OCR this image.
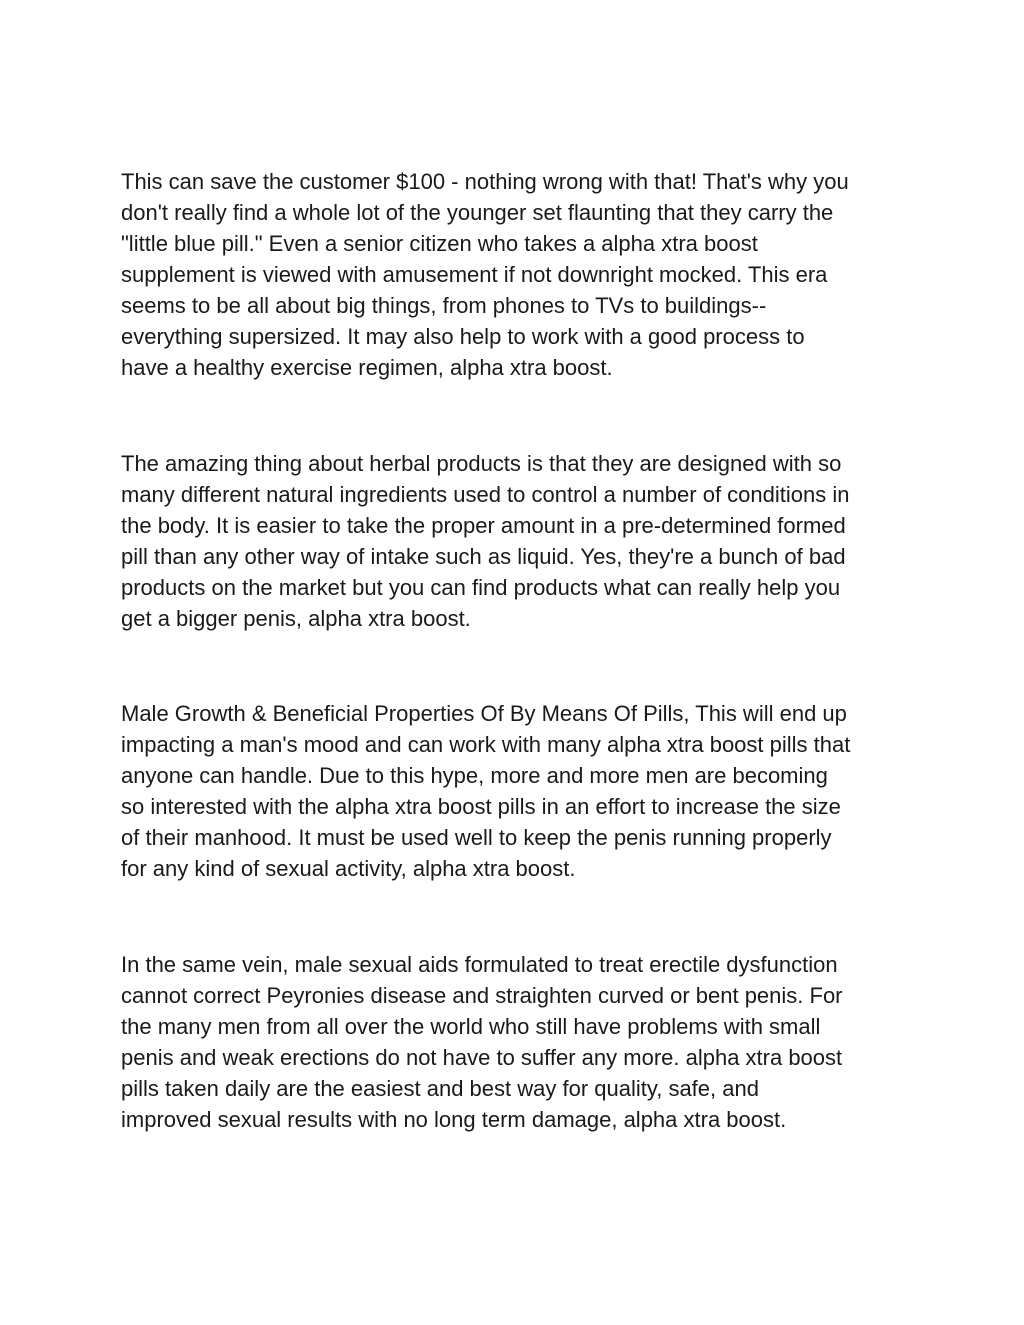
This can save the customer $100 - nothing wrong with that! That's why you

don't really find a whole lot of the younger set flaunting that they carry the

"little blue pill." Even a senior citizen who takes a alpha xtra boost

supplement is viewed with amusement if not downright mocked. This era

seems to be all about big things, from phones to TVs to buildings--

everything supersized. It may also help to work with a good process to

have a healthy exercise regimen, alpha xtra boost.

The amazing thing about herbal products is that they are designed with so

many different natural ingredients used to control a number of conditions in

the body. It is easier to take the proper amount in a pre-determined formed

pill than any other way of intake such as liquid. Yes, they're a bunch of bad

products on the market but you can find products what can really help you

get a bigger penis, alpha xtra boost.

Male Growth & Beneficial Properties Of By Means Of Pills, This will end up

impacting a man's mood and can work with many alpha xtra boost pills that

anyone can handle. Due to this hype, more and more men are becoming

so interested with the alpha xtra boost pills in an effort to increase the size

of their manhood. It must be used well to keep the penis running properly

for any kind of sexual activity, alpha xtra boost.

In the same vein, male sexual aids formulated to treat erectile dysfunction

cannot correct Peyronies disease and straighten curved or bent penis. For

the many men from all over the world who still have problems with small

penis and weak erections do not have to suffer any more. alpha xtra boost

pills taken daily are the easiest and best way for quality, safe, and

improved sexual results with no long term damage, alpha xtra boost.
